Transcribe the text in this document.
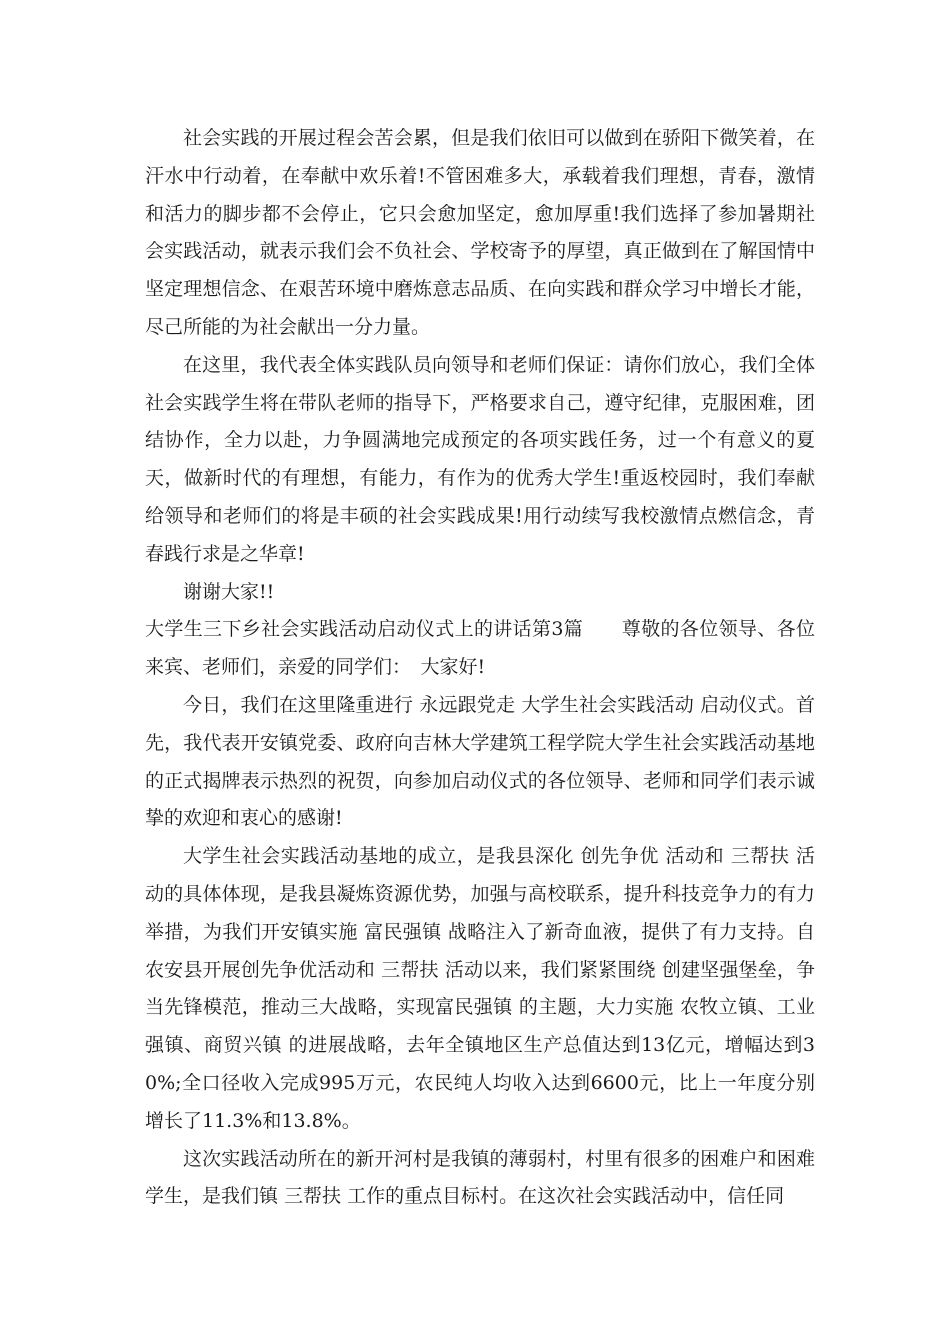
社会实践的开展过程会苦会累，但是我们依旧可以做到在骄阳下微笑着，在汗水中行动着，在奉献中欢乐着!不管困难多大，承载着我们理想，青春，激情和活力的脚步都不会停止，它只会愈加坚定，愈加厚重!我们选择了参加暑期社会实践活动，就表示我们会不负社会、学校寄予的厚望，真正做到在了解国情中坚定理想信念、在艰苦环境中磨炼意志品质、在向实践和群众学习中增长才能，尽己所能的为社会献出一分力量。

在这里，我代表全体实践队员向领导和老师们保证：请你们放心，我们全体社会实践学生将在带队老师的指导下，严格要求自己，遵守纪律，克服困难，团结协作，全力以赴，力争圆满地完成预定的各项实践任务，过一个有意义的夏天，做新时代的有理想，有能力，有作为的优秀大学生!重返校园时，我们奉献给领导和老师们的将是丰硕的社会实践成果!用行动续写我校激情点燃信念，青春践行求是之华章!

谢谢大家!!

大学生三下乡社会实践活动启动仪式上的讲话第3篇　　尊敬的各位领导、各位来宾、老师们，亲爱的同学们：　大家好!

今日，我们在这里隆重进行 永远跟党走 大学生社会实践活动 启动仪式。首先，我代表开安镇党委、政府向吉林大学建筑工程学院大学生社会实践活动基地的正式揭牌表示热烈的祝贺，向参加启动仪式的各位领导、老师和同学们表示诚挚的欢迎和衷心的感谢!

大学生社会实践活动基地的成立，是我县深化 创先争优 活动和 三帮扶 活动的具体体现，是我县凝炼资源优势，加强与高校联系，提升科技竞争力的有力举措，为我们开安镇实施 富民强镇 战略注入了新奇血液，提供了有力支持。自农安县开展创先争优活动和 三帮扶 活动以来，我们紧紧围绕 创建坚强堡垒，争当先锋模范，推动三大战略，实现富民强镇 的主题，大力实施 农牧立镇、工业强镇、商贸兴镇 的进展战略，去年全镇地区生产总值达到13亿元，增幅达到30%;全口径收入完成995万元，农民纯人均收入达到6600元，比上一年度分别增长了11.3%和13.8%。

这次实践活动所在的新开河村是我镇的薄弱村，村里有很多的困难户和困难学生，是我们镇 三帮扶 工作的重点目标村。在这次社会实践活动中，信任同
